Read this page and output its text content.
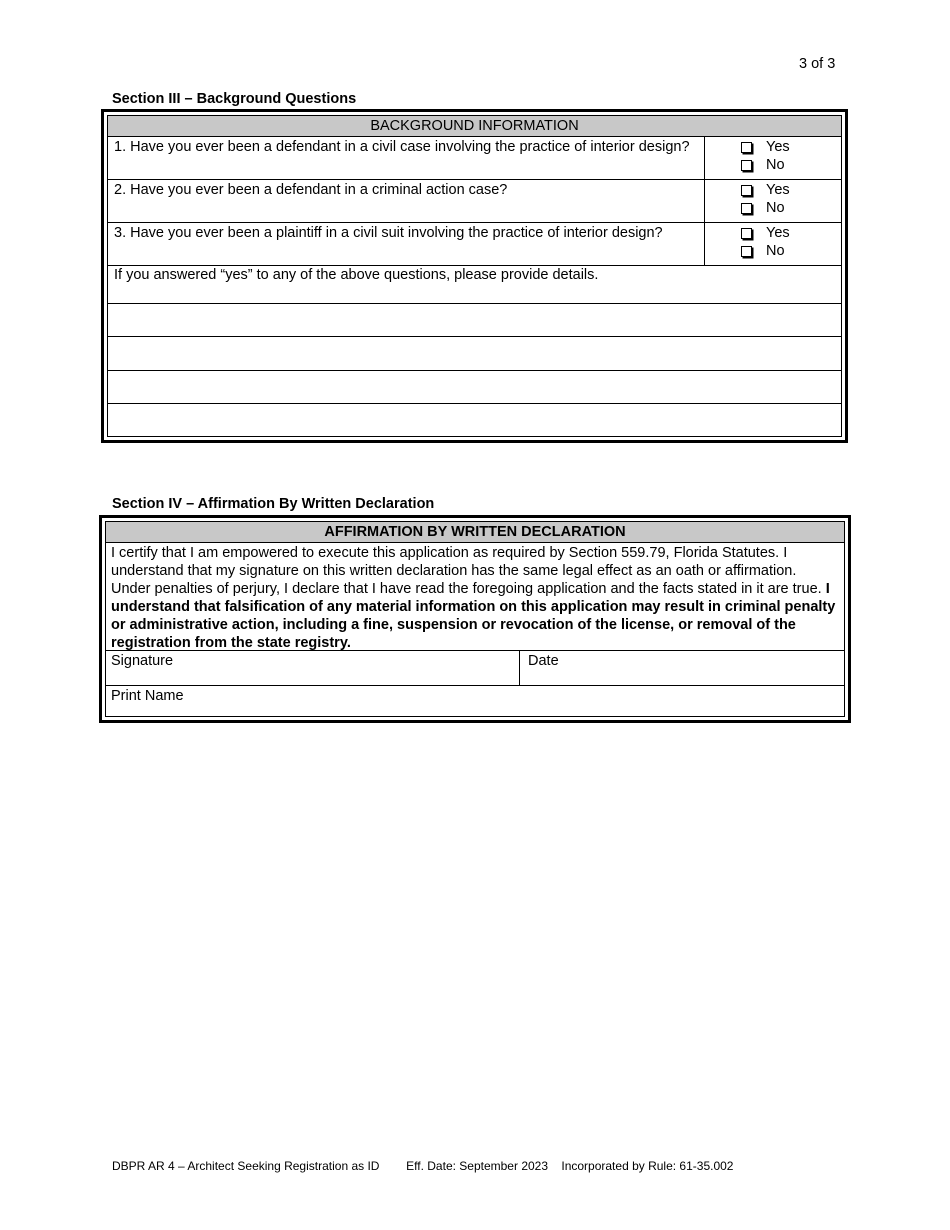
3 of 3
Section III – Background Questions
BACKGROUND INFORMATION
1. Have you ever been a defendant in a civil case involving the practice of interior design?	Yes
No
2. Have you ever been a defendant in a criminal action case?	Yes
No
3. Have you ever been a plaintiff in a civil suit involving the practice of interior design?	Yes
No
If you answered “yes” to any of the above questions, please provide details.
Section IV – Affirmation By Written Declaration
AFFIRMATION BY WRITTEN DECLARATION
I certify that I am empowered to execute this application as required by Section 559.79, Florida Statutes. I understand that my signature on this written declaration has the same legal effect as an oath or affirmation. Under penalties of perjury, I declare that I have read the foregoing application and the facts stated in it are true. I understand that falsification of any material information on this application may result in criminal penalty or administrative action, including a fine, suspension or revocation of the license, or removal of the registration from the state registry.
Signature	Date
Print Name
DBPR AR 4 – Architect Seeking Registration as ID Eff. Date: September 2023 Incorporated by Rule: 61-35.002
